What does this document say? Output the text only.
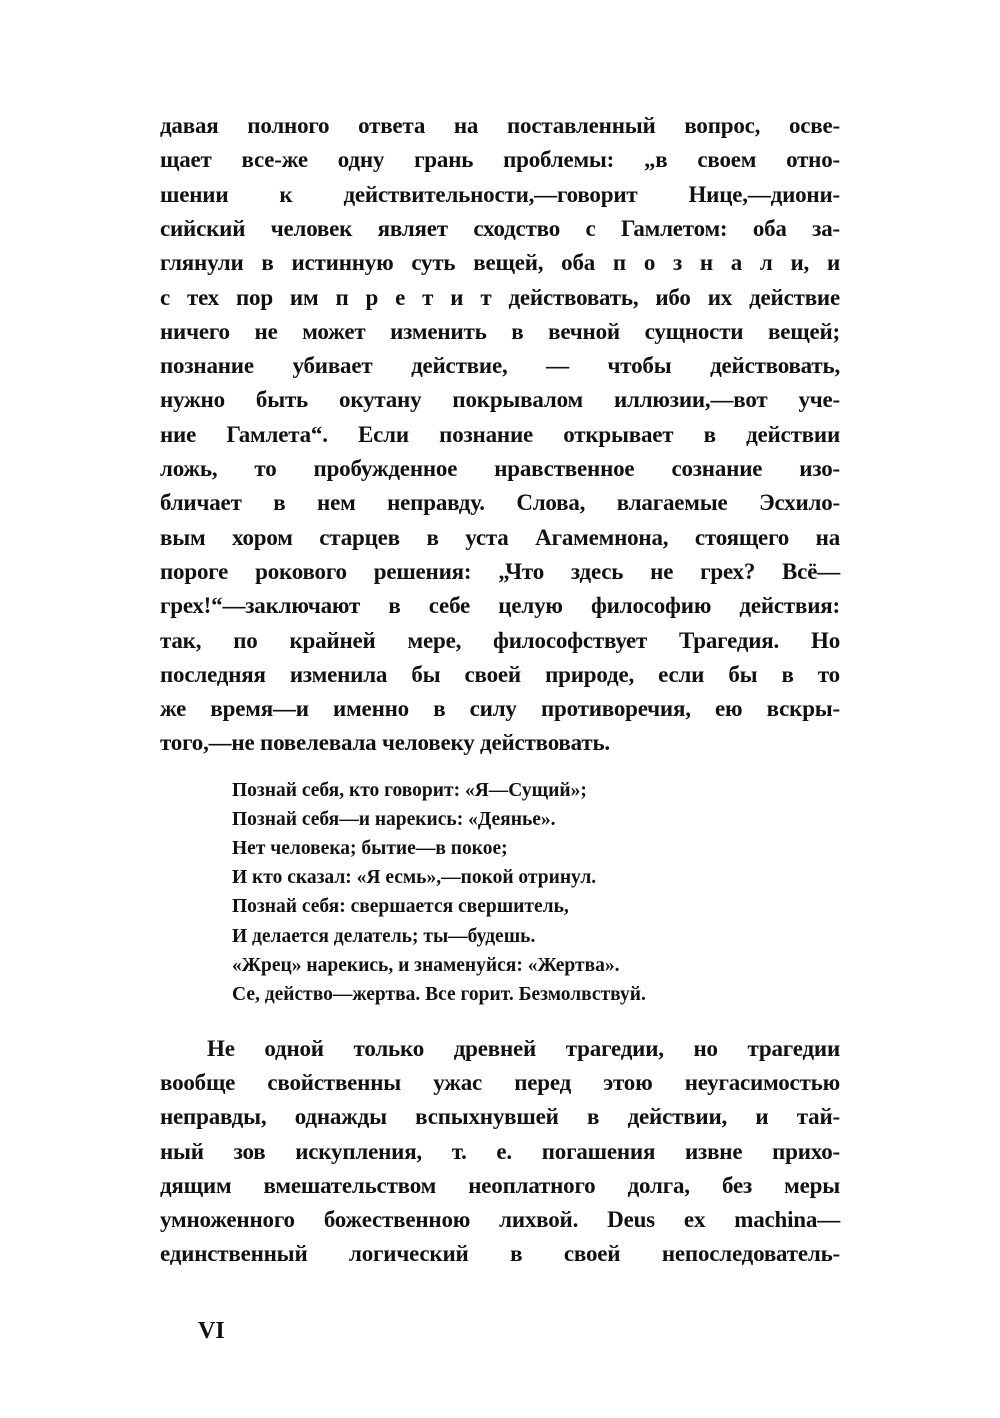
давая полного ответа на поставленный вопрос, осве-
щает все-же одну грань проблемы: „в своем отно-
шении к действительности,—говорит Нице,—диони-
сийский человек являет сходство с Гамлетом: оба за-
глянули в истинную суть вещей, оба п о з н а л и, и
с тех пор им п р е т и т действовать, ибо их действие
ничего не может изменить в вечной сущности вещей;
познание убивает действие, — чтобы действовать,
нужно быть окутану покрывалом иллюзии,—вот уче-
ние Гамлета“. Если познание открывает в действии
ложь, то пробужденное нравственное сознание изо-
бличает в нем неправду. Слова, влагаемые Эсхило-
вым хором старцев в уста Агамемнона, стоящего на
пороге рокового решения: „Что здесь не грех? Всё—
грех!“—заключают в себе целую философию действия:
так, по крайней мере, философствует Трагедия. Но
последняя изменила бы своей природе, если бы в то
же время—и именно в силу противоречия, ею вскры-
того,—не повелевала человеку действовать.
Познай себя, кто говорит: «Я—Сущий»;
Познай себя—и нарекись: «Деянье».
Нет человека; бытие—в покое;
И кто сказал: «Я есмь»,—покой отринул.
Познай себя: свершается свершитель,
И делается делатель; ты—будешь.
«Жрец» нарекись, и знаменуйся: «Жертва».
Се, действо—жертва. Все горит. Безмолвствуй.
Не одной только древней трагедии, но трагедии
вообще свойственны ужас перед этою неугасимостью
неправды, однажды вспыхнувшей в действии, и тай-
ный зов искупления, т. е. погашения извне прихо-
дящим вмешательством неоплатного долга, без меры
умноженного божественною лихвой. Deus ex machina—
единственный логический в своей непоследователь-
VI
